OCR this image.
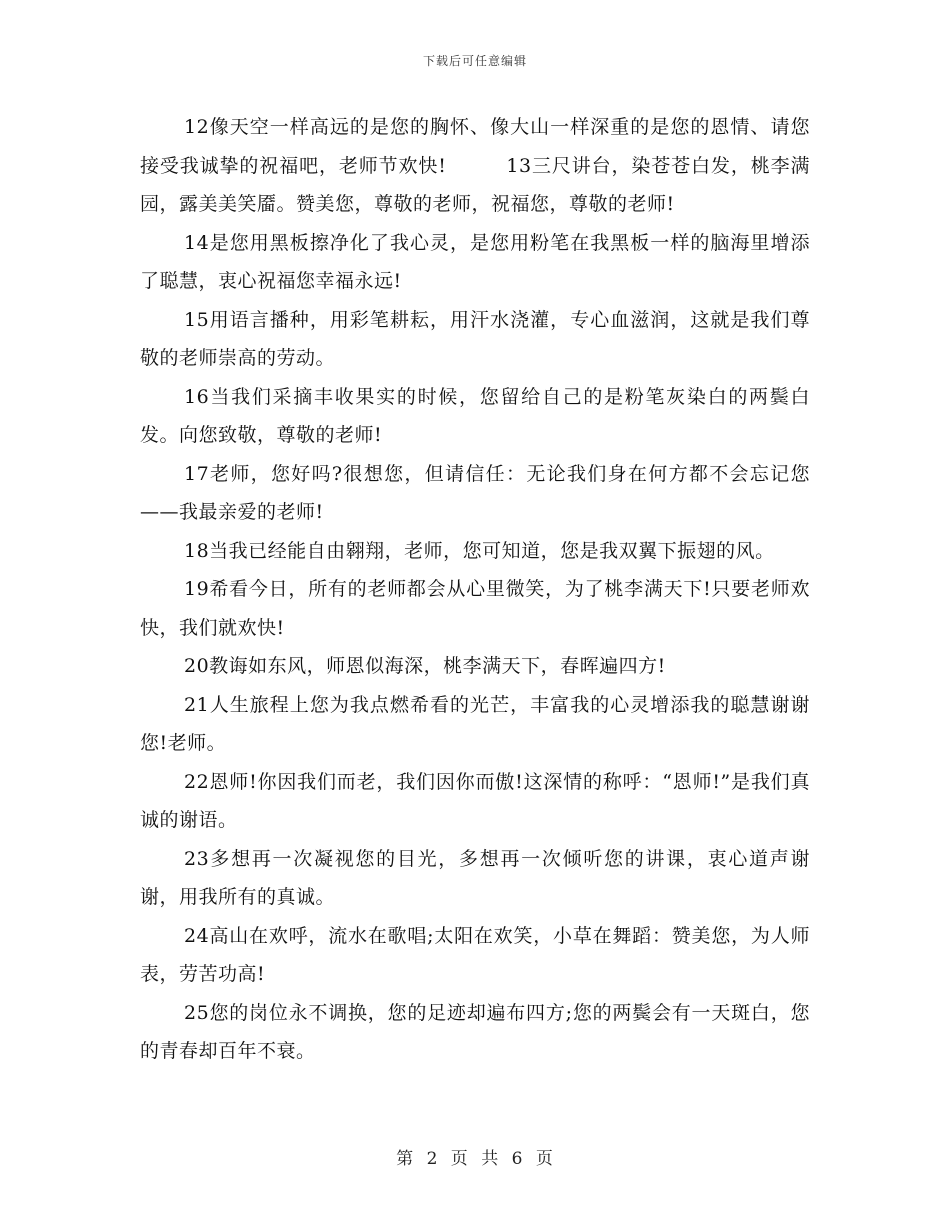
下载后可任意编辑

12像天空一样高远的是您的胸怀、像大山一样深重的是您的恩情、请您接受我诚挚的祝福吧，老师节欢快!　　　13三尺讲台，染苍苍白发，桃李满园，露美美笑靥。赞美您，尊敬的老师，祝福您，尊敬的老师!

14是您用黑板擦净化了我心灵，是您用粉笔在我黑板一样的脑海里增添了聪慧，衷心祝福您幸福永远!

15用语言播种，用彩笔耕耘，用汗水浇灌，专心血滋润，这就是我们尊敬的老师崇高的劳动。

16当我们采摘丰收果实的时候，您留给自己的是粉笔灰染白的两鬓白发。向您致敬，尊敬的老师!

17老师，您好吗?很想您，但请信任：无论我们身在何方都不会忘记您——我最亲爱的老师!

18当我已经能自由翱翔，老师，您可知道，您是我双翼下振翅的风。

19希看今日，所有的老师都会从心里微笑，为了桃李满天下!只要老师欢快，我们就欢快!

20教诲如东风，师恩似海深，桃李满天下，春晖遍四方!

21人生旅程上您为我点燃希看的光芒，丰富我的心灵增添我的聪慧谢谢您!老师。

22恩师!你因我们而老，我们因你而傲!这深情的称呼：“恩师!”是我们真诚的谢语。

23多想再一次凝视您的目光，多想再一次倾听您的讲课，衷心道声谢谢，用我所有的真诚。

24高山在欢呼，流水在歌唱;太阳在欢笑，小草在舞蹈：赞美您，为人师表，劳苦功高!

25您的岗位永不调换，您的足迹却遍布四方;您的两鬓会有一天斑白，您的青春却百年不衰。

第 2 页 共 6 页
